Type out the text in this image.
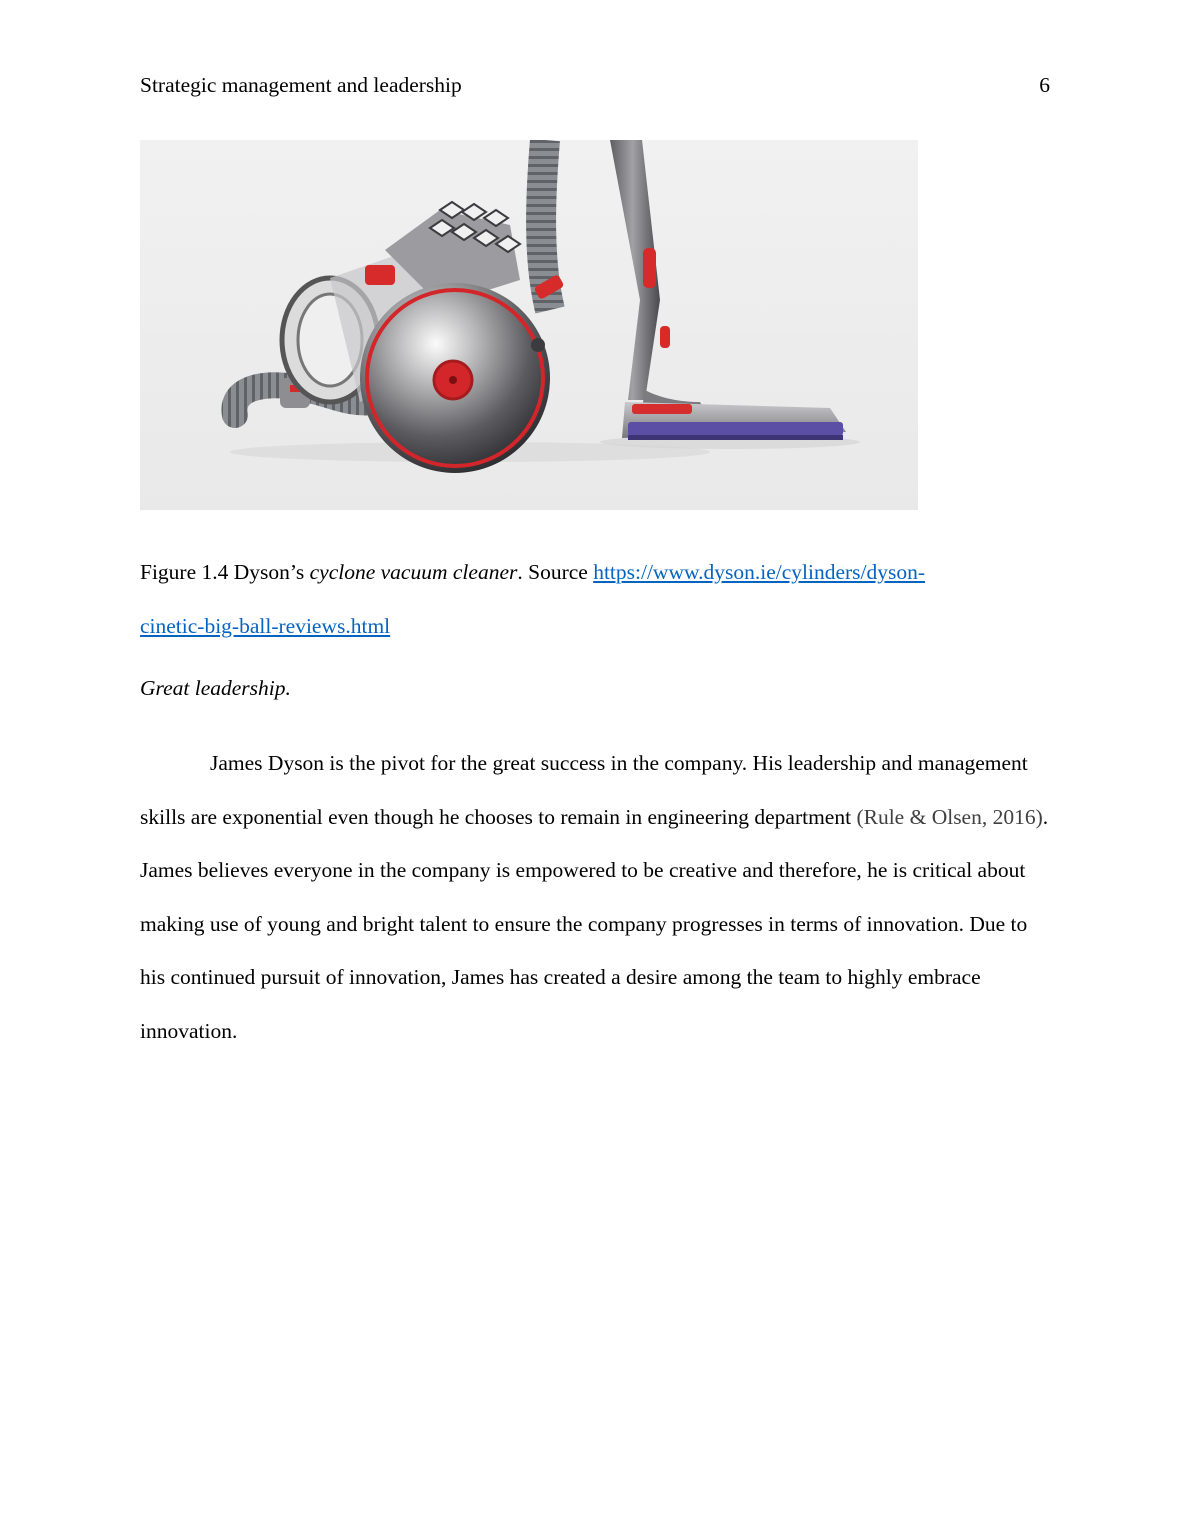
Strategic management and leadership	6
Figure 1.4 Dyson’s cyclone vacuum cleaner. Source https://www.dyson.ie/cylinders/dyson-
cinetic-big-ball-reviews.html
Great leadership.
James Dyson is the pivot for the great success in the company. His leadership and management skills are exponential even though he chooses to remain in engineering department (Rule & Olsen, 2016). James believes everyone in the company is empowered to be creative and therefore, he is critical about making use of young and bright talent to ensure the company progresses in terms of innovation. Due to his continued pursuit of innovation, James has created a desire among the team to highly embrace innovation.
